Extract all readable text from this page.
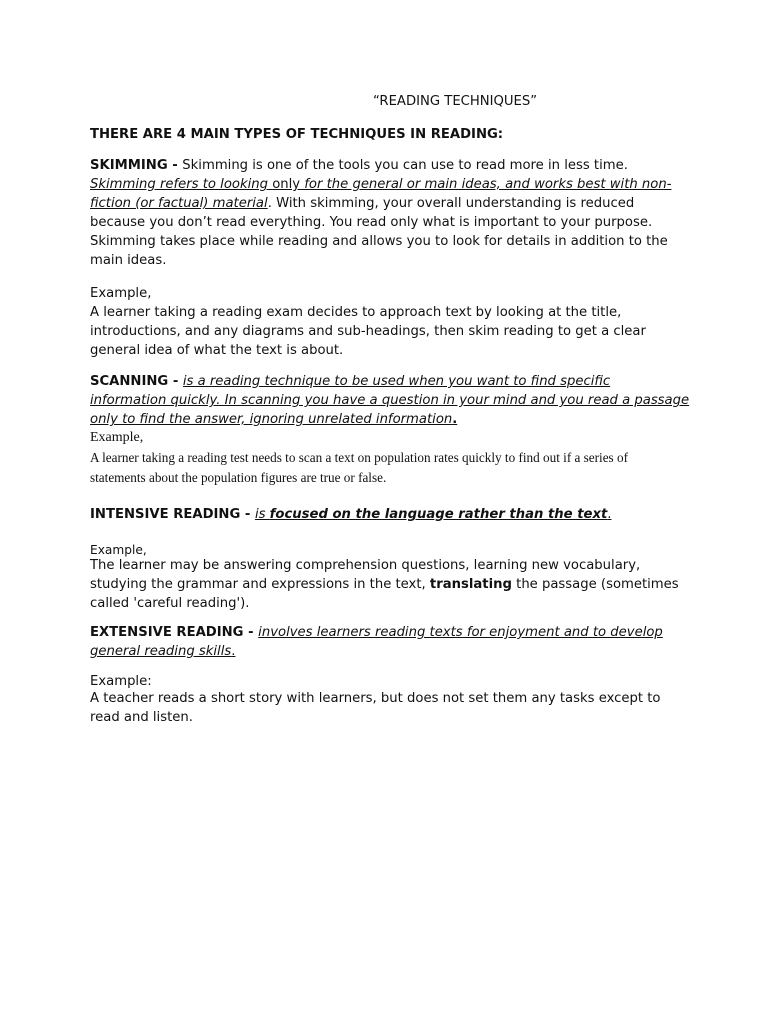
“READING TECHNIQUES”
THERE ARE 4 MAIN TYPES OF TECHNIQUES IN READING:
SKIMMING - Skimming is one of the tools you can use to read more in less time. Skimming refers to looking only for the general or main ideas, and works best with non-fiction (or factual) material. With skimming, your overall understanding is reduced because you don’t read everything. You read only what is important to your purpose. Skimming takes place while reading and allows you to look for details in addition to the main ideas.
Example,
A learner taking a reading exam decides to approach text by looking at the title, introductions, and any diagrams and sub-headings, then skim reading to get a clear general idea of what the text is about.
SCANNING - is a reading technique to be used when you want to find specific information quickly. In scanning you have a question in your mind and you read a passage only to find the answer, ignoring unrelated information.
Example,
A learner taking a reading test needs to scan a text on population rates quickly to find out if a series of statements about the population figures are true or false.
INTENSIVE READING - is focused on the language rather than the text.
Example,
The learner may be answering comprehension questions, learning new vocabulary, studying the grammar and expressions in the text, translating the passage (sometimes called 'careful reading').
EXTENSIVE READING - involves learners reading texts for enjoyment and to develop general reading skills.
Example:
A teacher reads a short story with learners, but does not set them any tasks except to read and listen.
